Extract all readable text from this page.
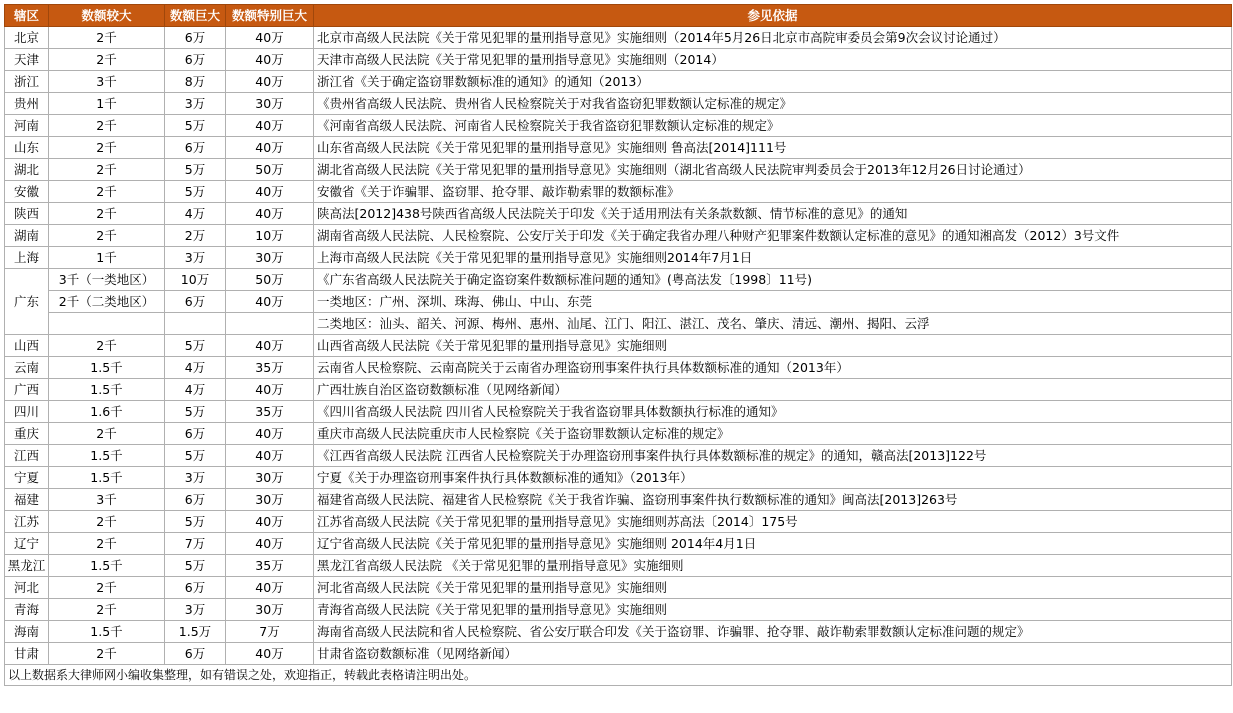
辖区	数额较大	数额巨大	数额特别巨大	参见依据
北京	2千	6万	40万	北京市高级人民法院《关于常见犯罪的量刑指导意见》实施细则（2014年5月26日北京市高院审委员会第9次会议讨论通过）
天津	2千	6万	40万	天津市高级人民法院《关于常见犯罪的量刑指导意见》实施细则（2014）
浙江	3千	8万	40万	浙江省《关于确定盗窃罪数额标准的通知》的通知（2013）
贵州	1千	3万	30万	《贵州省高级人民法院、贵州省人民检察院关于对我省盗窃犯罪数额认定标准的规定》
河南	2千	5万	40万	《河南省高级人民法院、河南省人民检察院关于我省盗窃犯罪数额认定标准的规定》
山东	2千	6万	40万	山东省高级人民法院《关于常见犯罪的量刑指导意见》实施细则 鲁高法[2014]111号
湖北	2千	5万	50万	湖北省高级人民法院《关于常见犯罪的量刑指导意见》实施细则（湖北省高级人民法院审判委员会于2013年12月26日讨论通过）
安徽	2千	5万	40万	安徽省《关于诈骗罪、盗窃罪、抢夺罪、敲诈勒索罪的数额标准》
陕西	2千	4万	40万	陕高法[2012]438号陕西省高级人民法院关于印发《关于适用刑法有关条款数额、情节标准的意见》的通知
湖南	2千	2万	10万	湖南省高级人民法院、人民检察院、公安厅关于印发《关于确定我省办理八种财产犯罪案件数额认定标准的意见》的通知湘高发（2012）3号文件
上海	1千	3万	30万	上海市高级人民法院《关于常见犯罪的量刑指导意见》实施细则2014年7月1日
广东	3千（一类地区）	10万	50万	《广东省高级人民法院关于确定盗窃案件数额标准问题的通知》(粤高法发〔1998〕11号)
	2千（二类地区）	6万	40万	一类地区：广州、深圳、珠海、佛山、中山、东莞
				二类地区：汕头、韶关、河源、梅州、惠州、汕尾、江门、阳江、湛江、茂名、肇庆、清远、潮州、揭阳、云浮
山西	2千	5万	40万	山西省高级人民法院《关于常见犯罪的量刑指导意见》实施细则
云南	1.5千	4万	35万	云南省人民检察院、云南高院关于云南省办理盗窃刑事案件执行具体数额标准的通知（2013年）
广西	1.5千	4万	40万	广西壮族自治区盗窃数额标准（见网络新闻）
四川	1.6千	5万	35万	《四川省高级人民法院 四川省人民检察院关于我省盗窃罪具体数额执行标准的通知》
重庆	2千	6万	40万	重庆市高级人民法院重庆市人民检察院《关于盗窃罪数额认定标准的规定》
江西	1.5千	5万	40万	《江西省高级人民法院 江西省人民检察院关于办理盗窃刑事案件执行具体数额标准的规定》的通知，赣高法[2013]122号
宁夏	1.5千	3万	30万	宁夏《关于办理盗窃刑事案件执行具体数额标准的通知》（2013年）
福建	3千	6万	30万	福建省高级人民法院、福建省人民检察院《关于我省诈骗、盗窃刑事案件执行数额标准的通知》闽高法[2013]263号
江苏	2千	5万	40万	江苏省高级人民法院《关于常见犯罪的量刑指导意见》实施细则苏高法〔2014〕175号
辽宁	2千	7万	40万	辽宁省高级人民法院《关于常见犯罪的量刑指导意见》实施细则 2014年4月1日
黑龙江	1.5千	5万	35万	黑龙江省高级人民法院 《关于常见犯罪的量刑指导意见》实施细则
河北	2千	6万	40万	河北省高级人民法院《关于常见犯罪的量刑指导意见》实施细则
青海	2千	3万	30万	青海省高级人民法院《关于常见犯罪的量刑指导意见》实施细则
海南	1.5千	1.5万	7万	海南省高级人民法院和省人民检察院、省公安厅联合印发《关于盗窃罪、诈骗罪、抢夺罪、敲诈勒索罪数额认定标准问题的规定》
甘肃	2千	6万	40万	甘肃省盗窃数额标准（见网络新闻）
以上数据系大律师网小编收集整理，如有错误之处，欢迎指正，转载此表格请注明出处。				
